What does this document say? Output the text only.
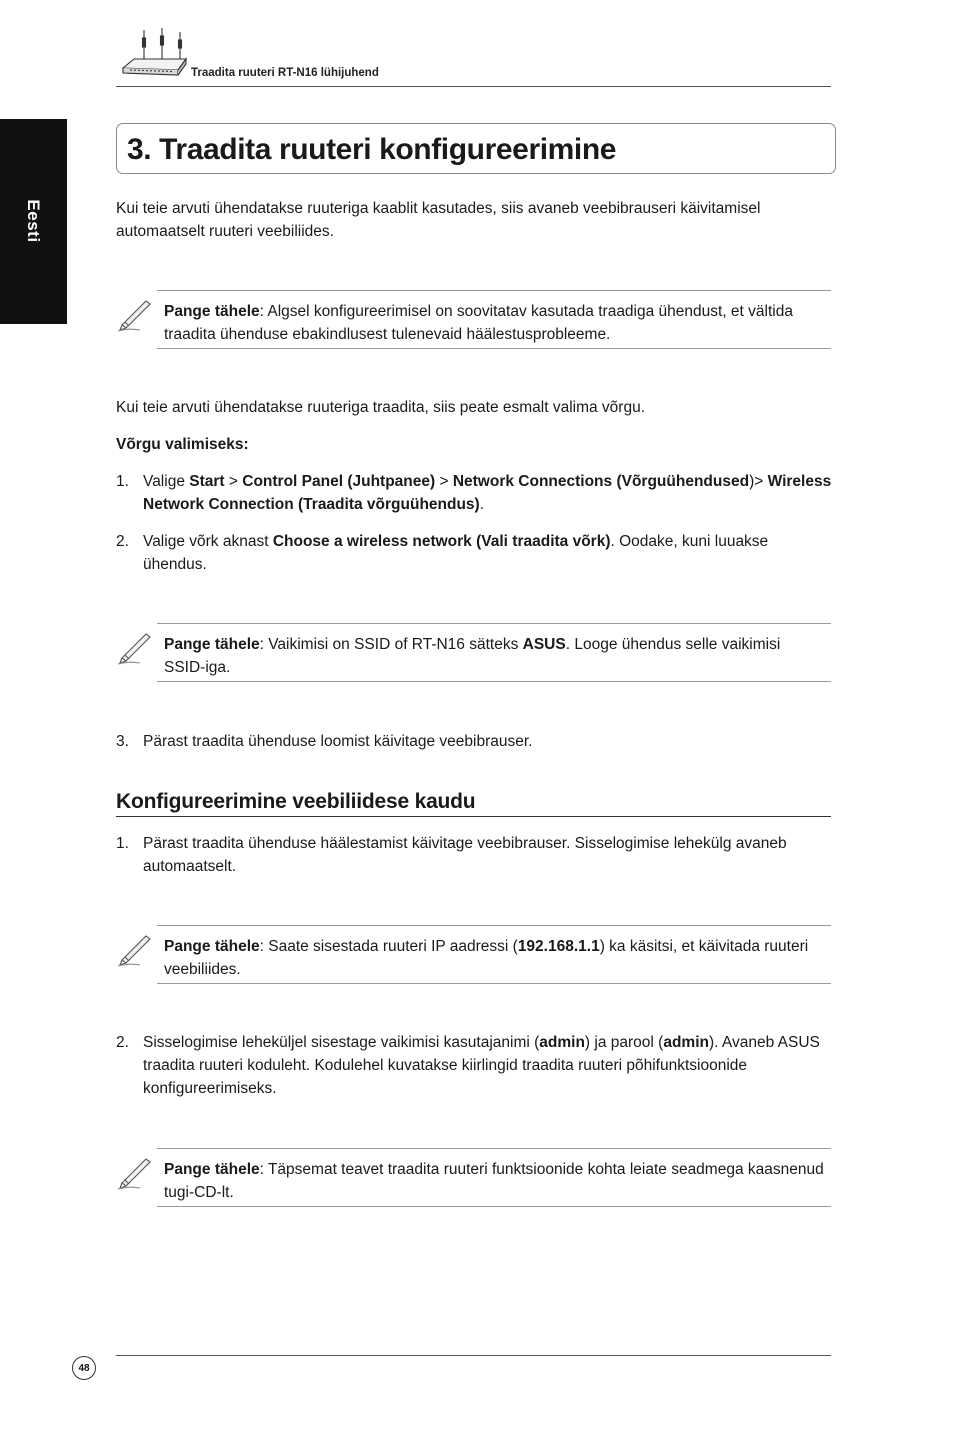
Traadita ruuteri RT-N16 lühijuhend
Eesti
3. Traadita ruuteri konfigureerimine
Kui teie arvuti ühendatakse ruuteriga kaablit kasutades, siis avaneb veebibrauseri käivitamisel automaatselt ruuteri veebiliides.
Pange tähele: Algsel konfigureerimisel on soovitatav kasutada traadiga ühendust, et vältida traadita ühenduse ebakindlusest tulenevaid häälestusprobleeme.
Kui teie arvuti ühendatakse ruuteriga traadita, siis peate esmalt valima võrgu.
Võrgu valimiseks:
1. Valige Start > Control Panel (Juhtpanee) > Network Connections (Võrguühendused)> Wireless Network Connection (Traadita võrguühendus).
2. Valige võrk aknast Choose a wireless network (Vali traadita võrk). Oodake, kuni luuakse ühendus.
Pange tähele: Vaikimisi on SSID of RT-N16 sätteks ASUS. Looge ühendus selle vaikimisi SSID-iga.
3. Pärast traadita ühenduse loomist käivitage veebibrauser.
Konfigureerimine veebiliidese kaudu
1. Pärast traadita ühenduse häälestamist käivitage veebibrauser. Sisselogimise lehekülg avaneb automaatselt.
Pange tähele: Saate sisestada ruuteri IP aadressi (192.168.1.1) ka käsitsi, et käivitada ruuteri veebiliides.
2. Sisselogimise leheküljel sisestage vaikimisi kasutajanimi (admin) ja parool (admin). Avaneb ASUS traadita ruuteri koduleht. Kodulehel kuvatakse kiirlingid traadita ruuteri põhifunktsioonide konfigureerimiseks.
Pange tähele: Täpsemat teavet traadita ruuteri funktsioonide kohta leiate seadmega kaasnenud tugi-CD-lt.
48
